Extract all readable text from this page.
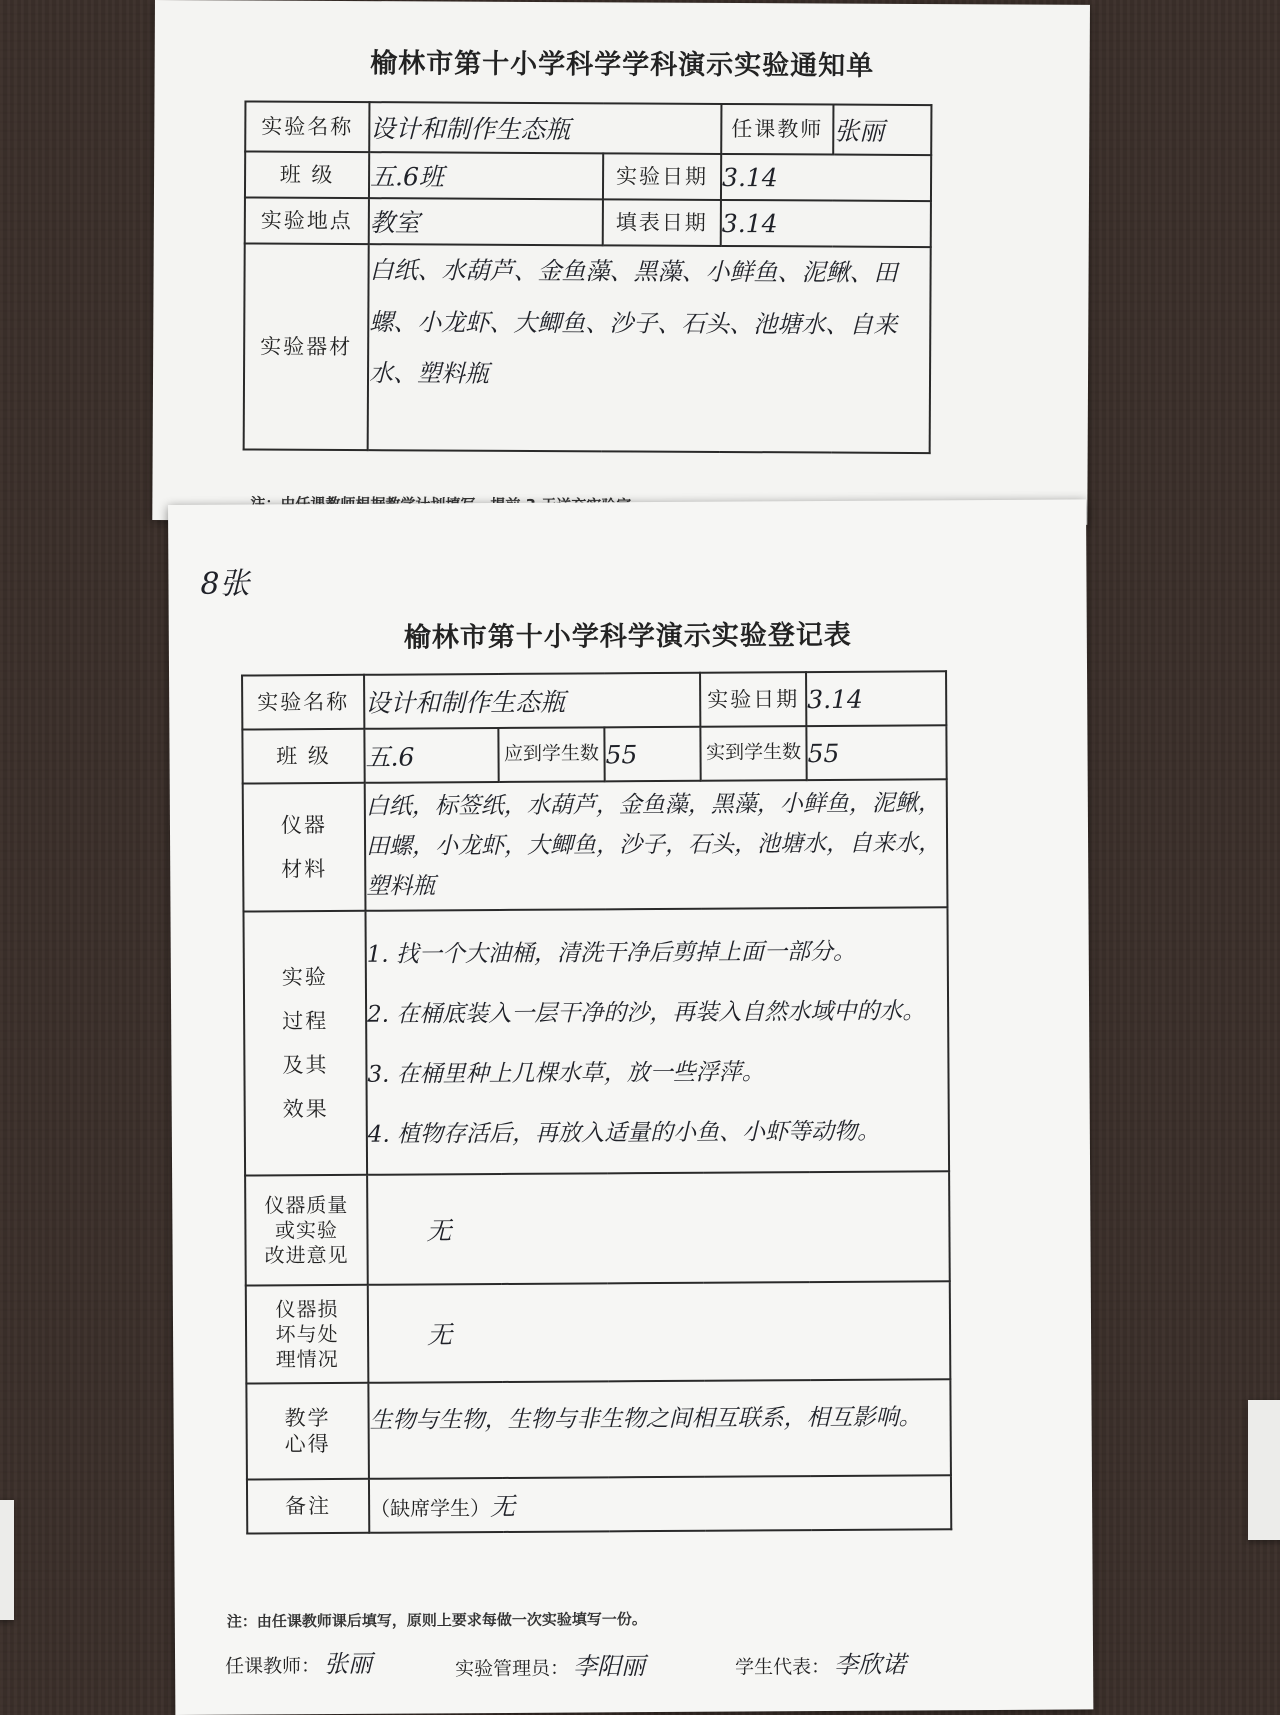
榆林市第十小学科学学科演示实验通知单
实验名称	设计和制作生态瓶		任课教师	张丽

班 级	五.6班	实验日期	3.14	

实验地点	教室	填表日期	3.14	

实验器材	白纸、水葫芦、金鱼藻、黑藻、小鲜鱼、泥鳅、田螺、小龙虾、大鲫鱼、沙子、石头、池塘水、自来水、塑料瓶			
8张
榆林市第十小学科学演示实验登记表
实验名称	设计和制作生态瓶			实验日期	3.14

班 级	五.6	应到学生数	55	实到学生数	55

仪器
材料	白纸，标签纸，水葫芦，金鱼藻，黑藻，小鲜鱼，泥鳅，田螺，小龙虾，大鲫鱼，沙子，石头，池塘水，自来水，塑料瓶				

实验
过程
及其
效果	1. 找一个大油桶，清洗干净后剪掉上面一部分。
2. 在桶底装入一层干净的沙，再装入自然水域中的水。
3. 在桶里种上几棵水草，放一些浮萍。
4. 植物存活后，再放入适量的小鱼、小虾等动物。				

仪器质量
或实验
改进意见	无				

仪器损
坏与处
理情况	无				

教学
心得	生物与生物，生物与非生物之间相互联系，相互影响。				

备注	（缺席学生）无				
注：由任课教师课后填写，原则上要求每做一次实验填写一份。
任课教师： 张丽	实验管理员： 李阳丽	学生代表： 李欣诺
